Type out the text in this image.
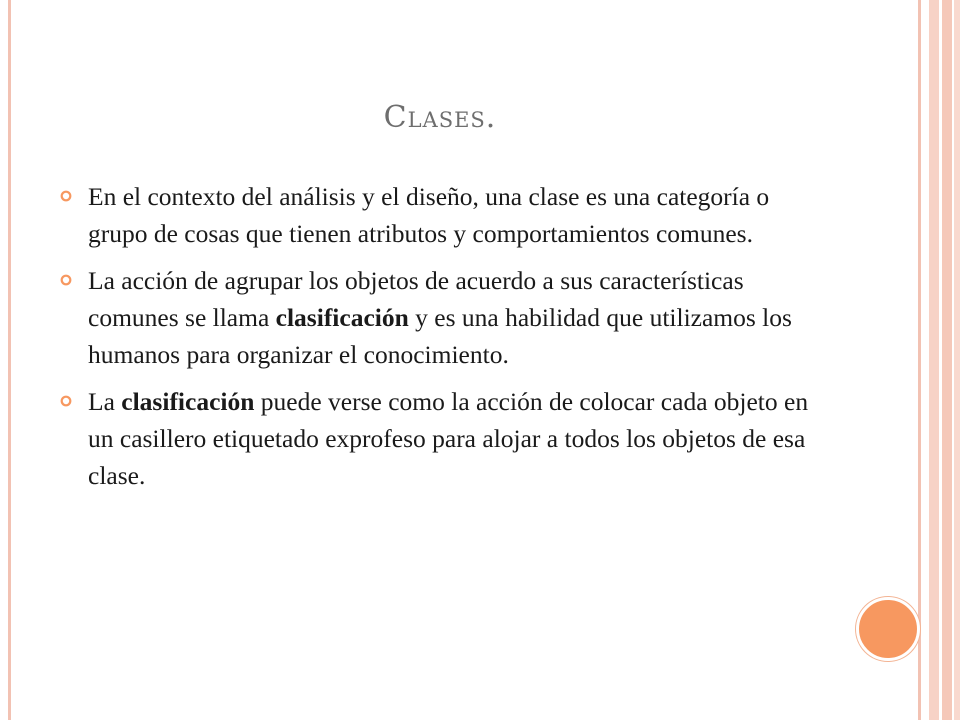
Clases.
En el contexto del análisis y el diseño, una clase es una categoría o grupo de cosas que tienen atributos y comportamientos comunes.
La acción de agrupar los objetos de acuerdo a sus características comunes se llama clasificación y es una habilidad que utilizamos los humanos para organizar el conocimiento.
La clasificación puede verse como la acción de colocar cada objeto en un casillero etiquetado exprofeso para alojar a todos los objetos de esa clase.
